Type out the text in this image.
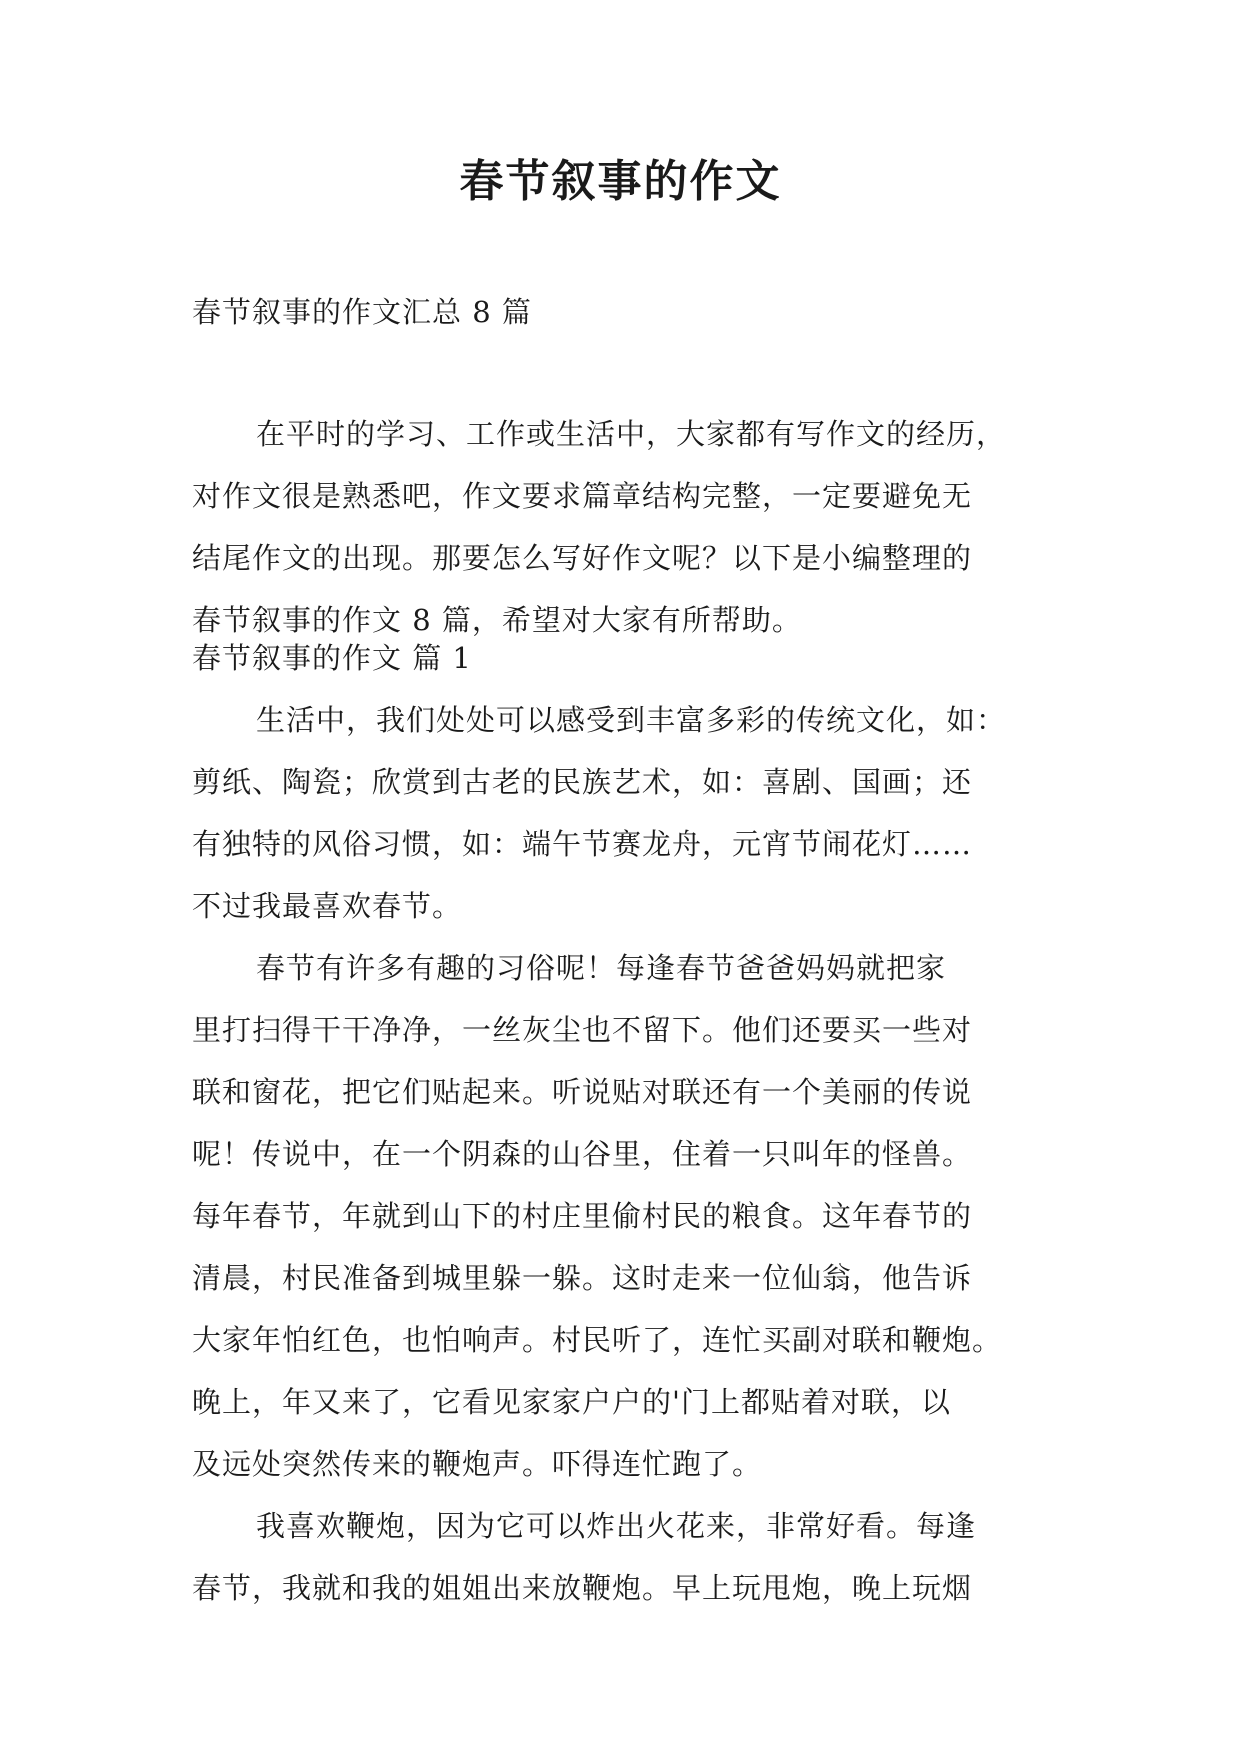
春节叙事的作文

春节叙事的作文汇总 8 篇

在平时的学习、工作或生活中，大家都有写作文的经历，
对作文很是熟悉吧，作文要求篇章结构完整，一定要避免无
结尾作文的出现。那要怎么写好作文呢？以下是小编整理的
春节叙事的作文 8 篇，希望对大家有所帮助。
春节叙事的作文 篇 1
生活中，我们处处可以感受到丰富多彩的传统文化，如：
剪纸、陶瓷；欣赏到古老的民族艺术，如：喜剧、国画；还
有独特的风俗习惯，如：端午节赛龙舟，元宵节闹花灯……
不过我最喜欢春节。
春节有许多有趣的习俗呢！每逢春节爸爸妈妈就把家
里打扫得干干净净，一丝灰尘也不留下。他们还要买一些对
联和窗花，把它们贴起来。听说贴对联还有一个美丽的传说
呢！传说中，在一个阴森的山谷里，住着一只叫年的怪兽。
每年春节，年就到山下的村庄里偷村民的粮食。这年春节的
清晨，村民准备到城里躲一躲。这时走来一位仙翁，他告诉
大家年怕红色，也怕响声。村民听了，连忙买副对联和鞭炮。
晚上，年又来了，它看见家家户户的'门上都贴着对联，以
及远处突然传来的鞭炮声。吓得连忙跑了。
我喜欢鞭炮，因为它可以炸出火花来，非常好看。每逢
春节，我就和我的姐姐出来放鞭炮。早上玩甩炮，晚上玩烟
